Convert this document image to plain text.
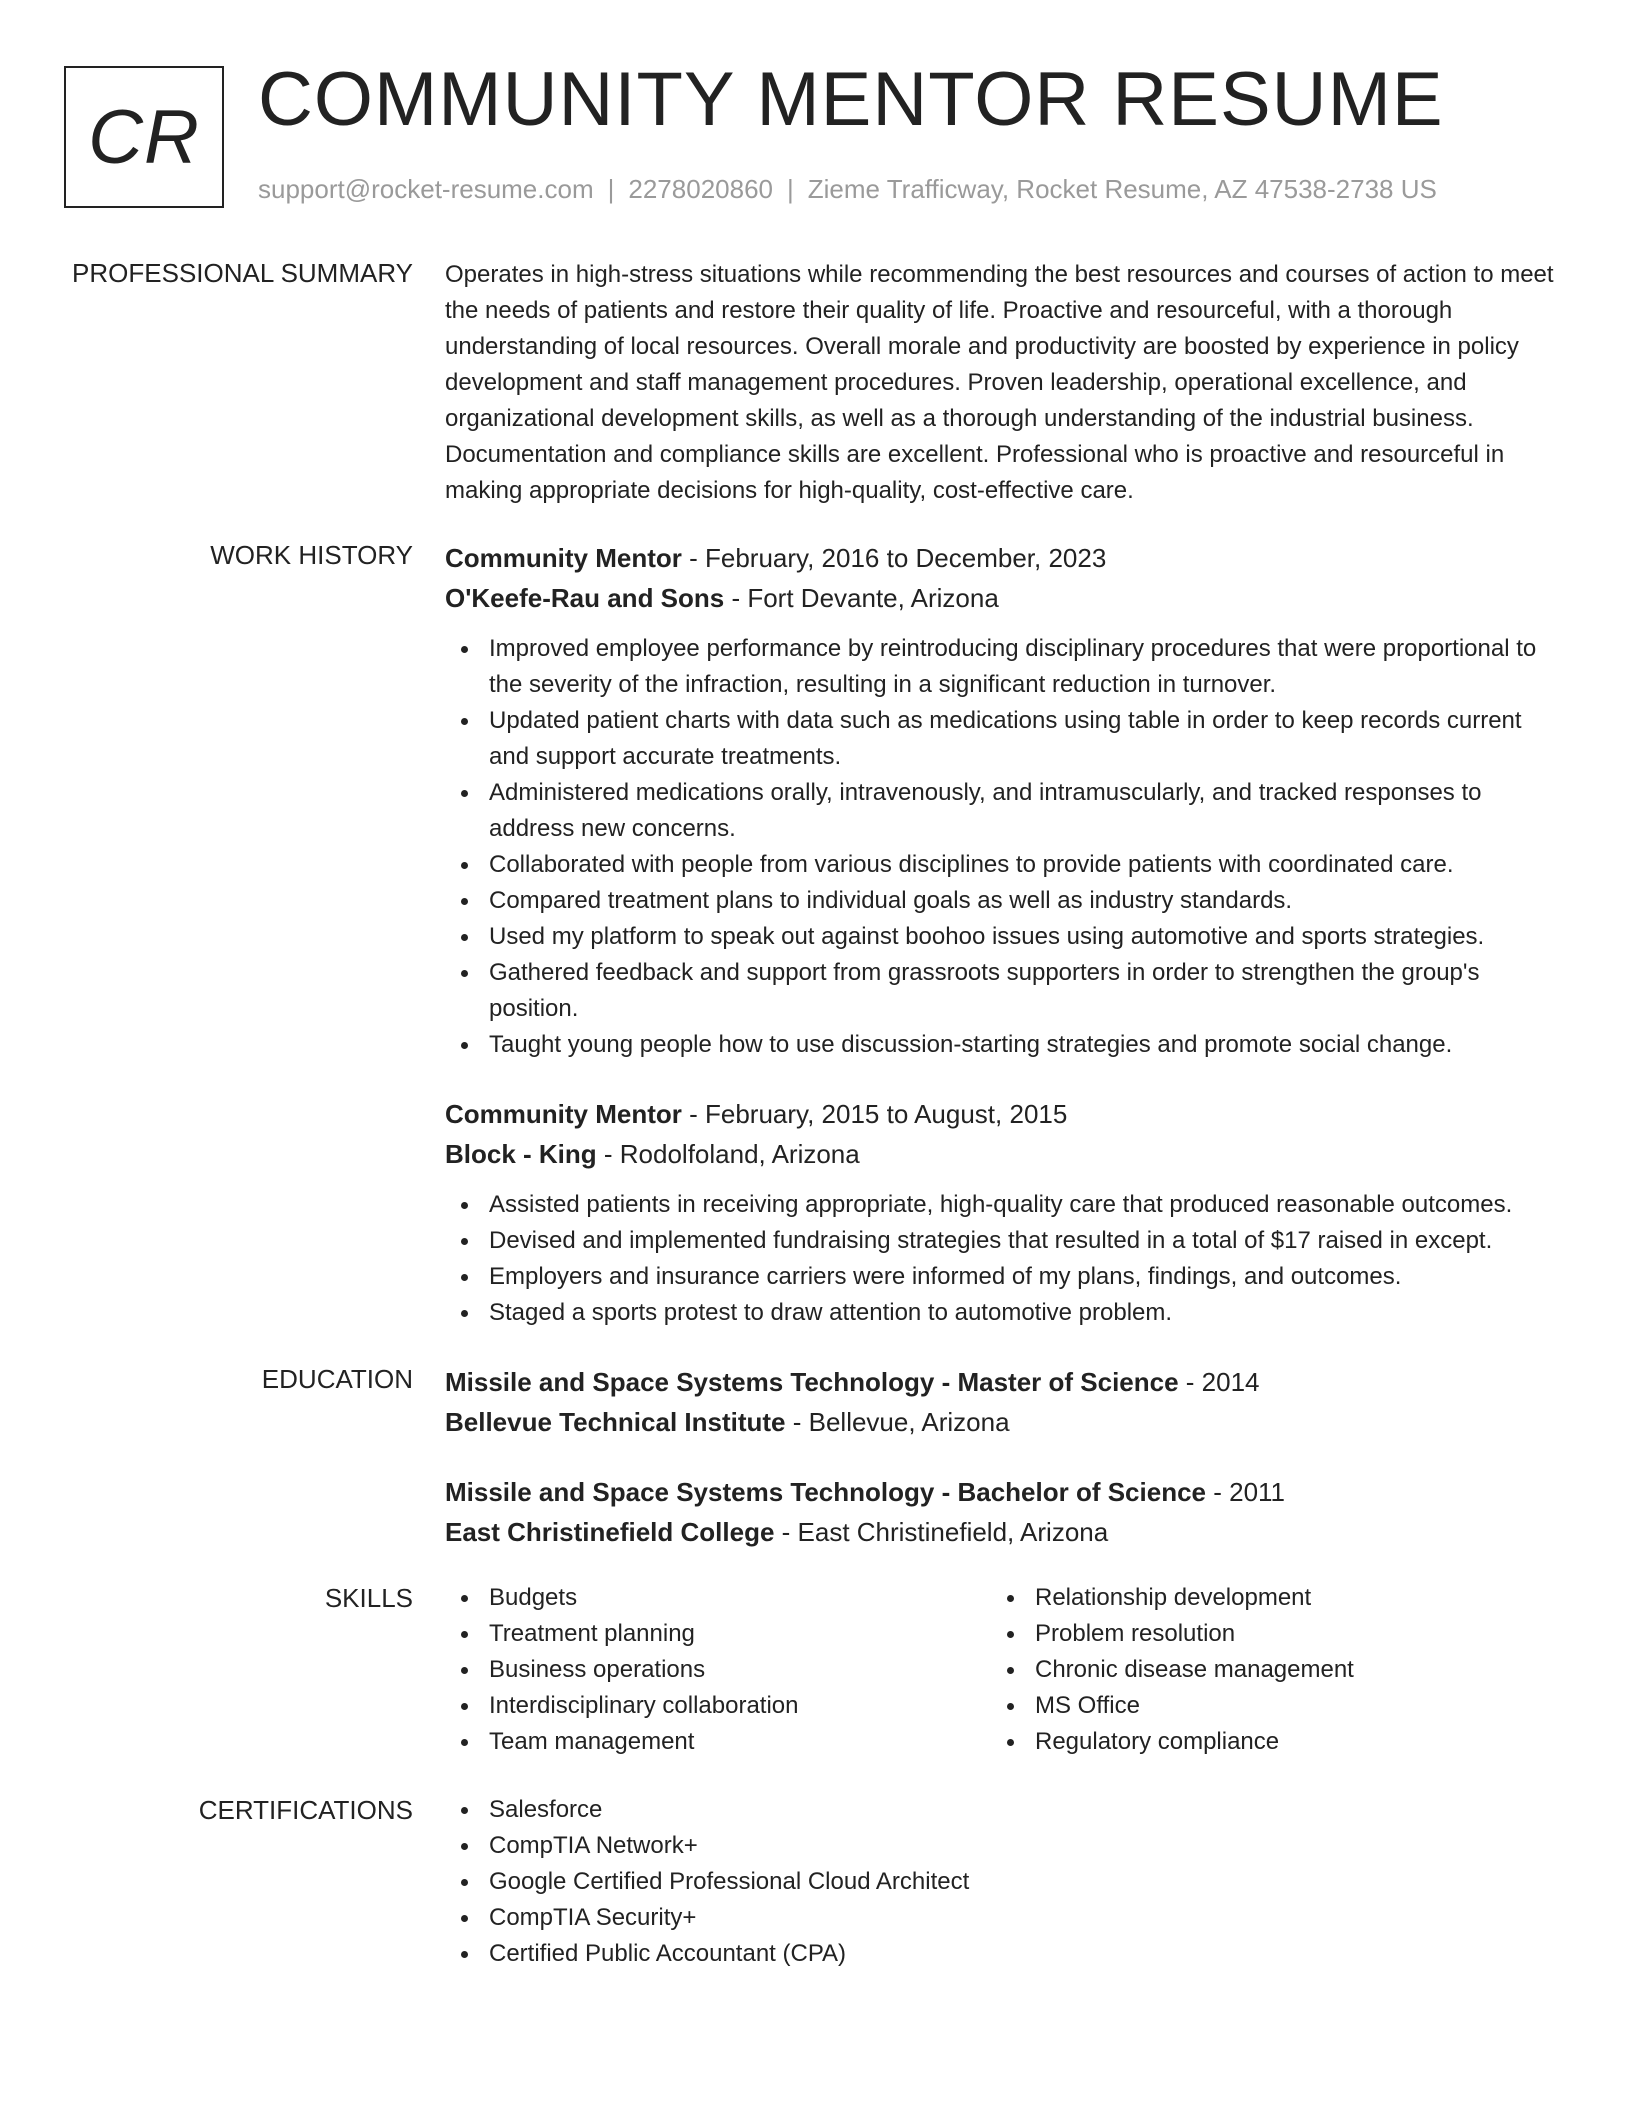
CR COMMUNITY MENTOR RESUME
support@rocket-resume.com | 2278020860 | Zieme Trafficway, Rocket Resume, AZ 47538-2738 US
PROFESSIONAL SUMMARY Operates in high-stress situations while recommending the best resources and courses of action to meet the needs of patients and restore their quality of life. Proactive and resourceful, with a thorough understanding of local resources. Overall morale and productivity are boosted by experience in policy development and staff management procedures. Proven leadership, operational excellence, and organizational development skills, as well as a thorough understanding of the industrial business. Documentation and compliance skills are excellent. Professional who is proactive and resourceful in making appropriate decisions for high-quality, cost-effective care.

WORK HISTORY Community Mentor - February, 2016 to December, 2023
O'Keefe-Rau and Sons - Fort Devante, Arizona
Improved employee performance by reintroducing disciplinary procedures that were proportional to the severity of the infraction, resulting in a significant reduction in turnover.
Updated patient charts with data such as medications using table in order to keep records current and support accurate treatments.
Administered medications orally, intravenously, and intramuscularly, and tracked responses to address new concerns.
Collaborated with people from various disciplines to provide patients with coordinated care.
Compared treatment plans to individual goals as well as industry standards.
Used my platform to speak out against boohoo issues using automotive and sports strategies.
Gathered feedback and support from grassroots supporters in order to strengthen the group's position.
Taught young people how to use discussion-starting strategies and promote social change.
Community Mentor - February, 2015 to August, 2015
Block - King - Rodolfoland, Arizona
Assisted patients in receiving appropriate, high-quality care that produced reasonable outcomes.
Devised and implemented fundraising strategies that resulted in a total of $17 raised in except.
Employers and insurance carriers were informed of my plans, findings, and outcomes.
Staged a sports protest to draw attention to automotive problem.
EDUCATION Missile and Space Systems Technology - Master of Science - 2014
Bellevue Technical Institute - Bellevue, Arizona
Missile and Space Systems Technology - Bachelor of Science - 2011
East Christinefield College - East Christinefield, Arizona
SKILLS	Budgets
Treatment planning
Business operations
Interdisciplinary collaboration
Team management
Relationship development
Problem resolution
Chronic disease management
MS Office
Regulatory compliance
CERTIFICATIONS	Salesforce
CompTIA Network+
Google Certified Professional Cloud Architect
CompTIA Security+
Certified Public Accountant (CPA)
